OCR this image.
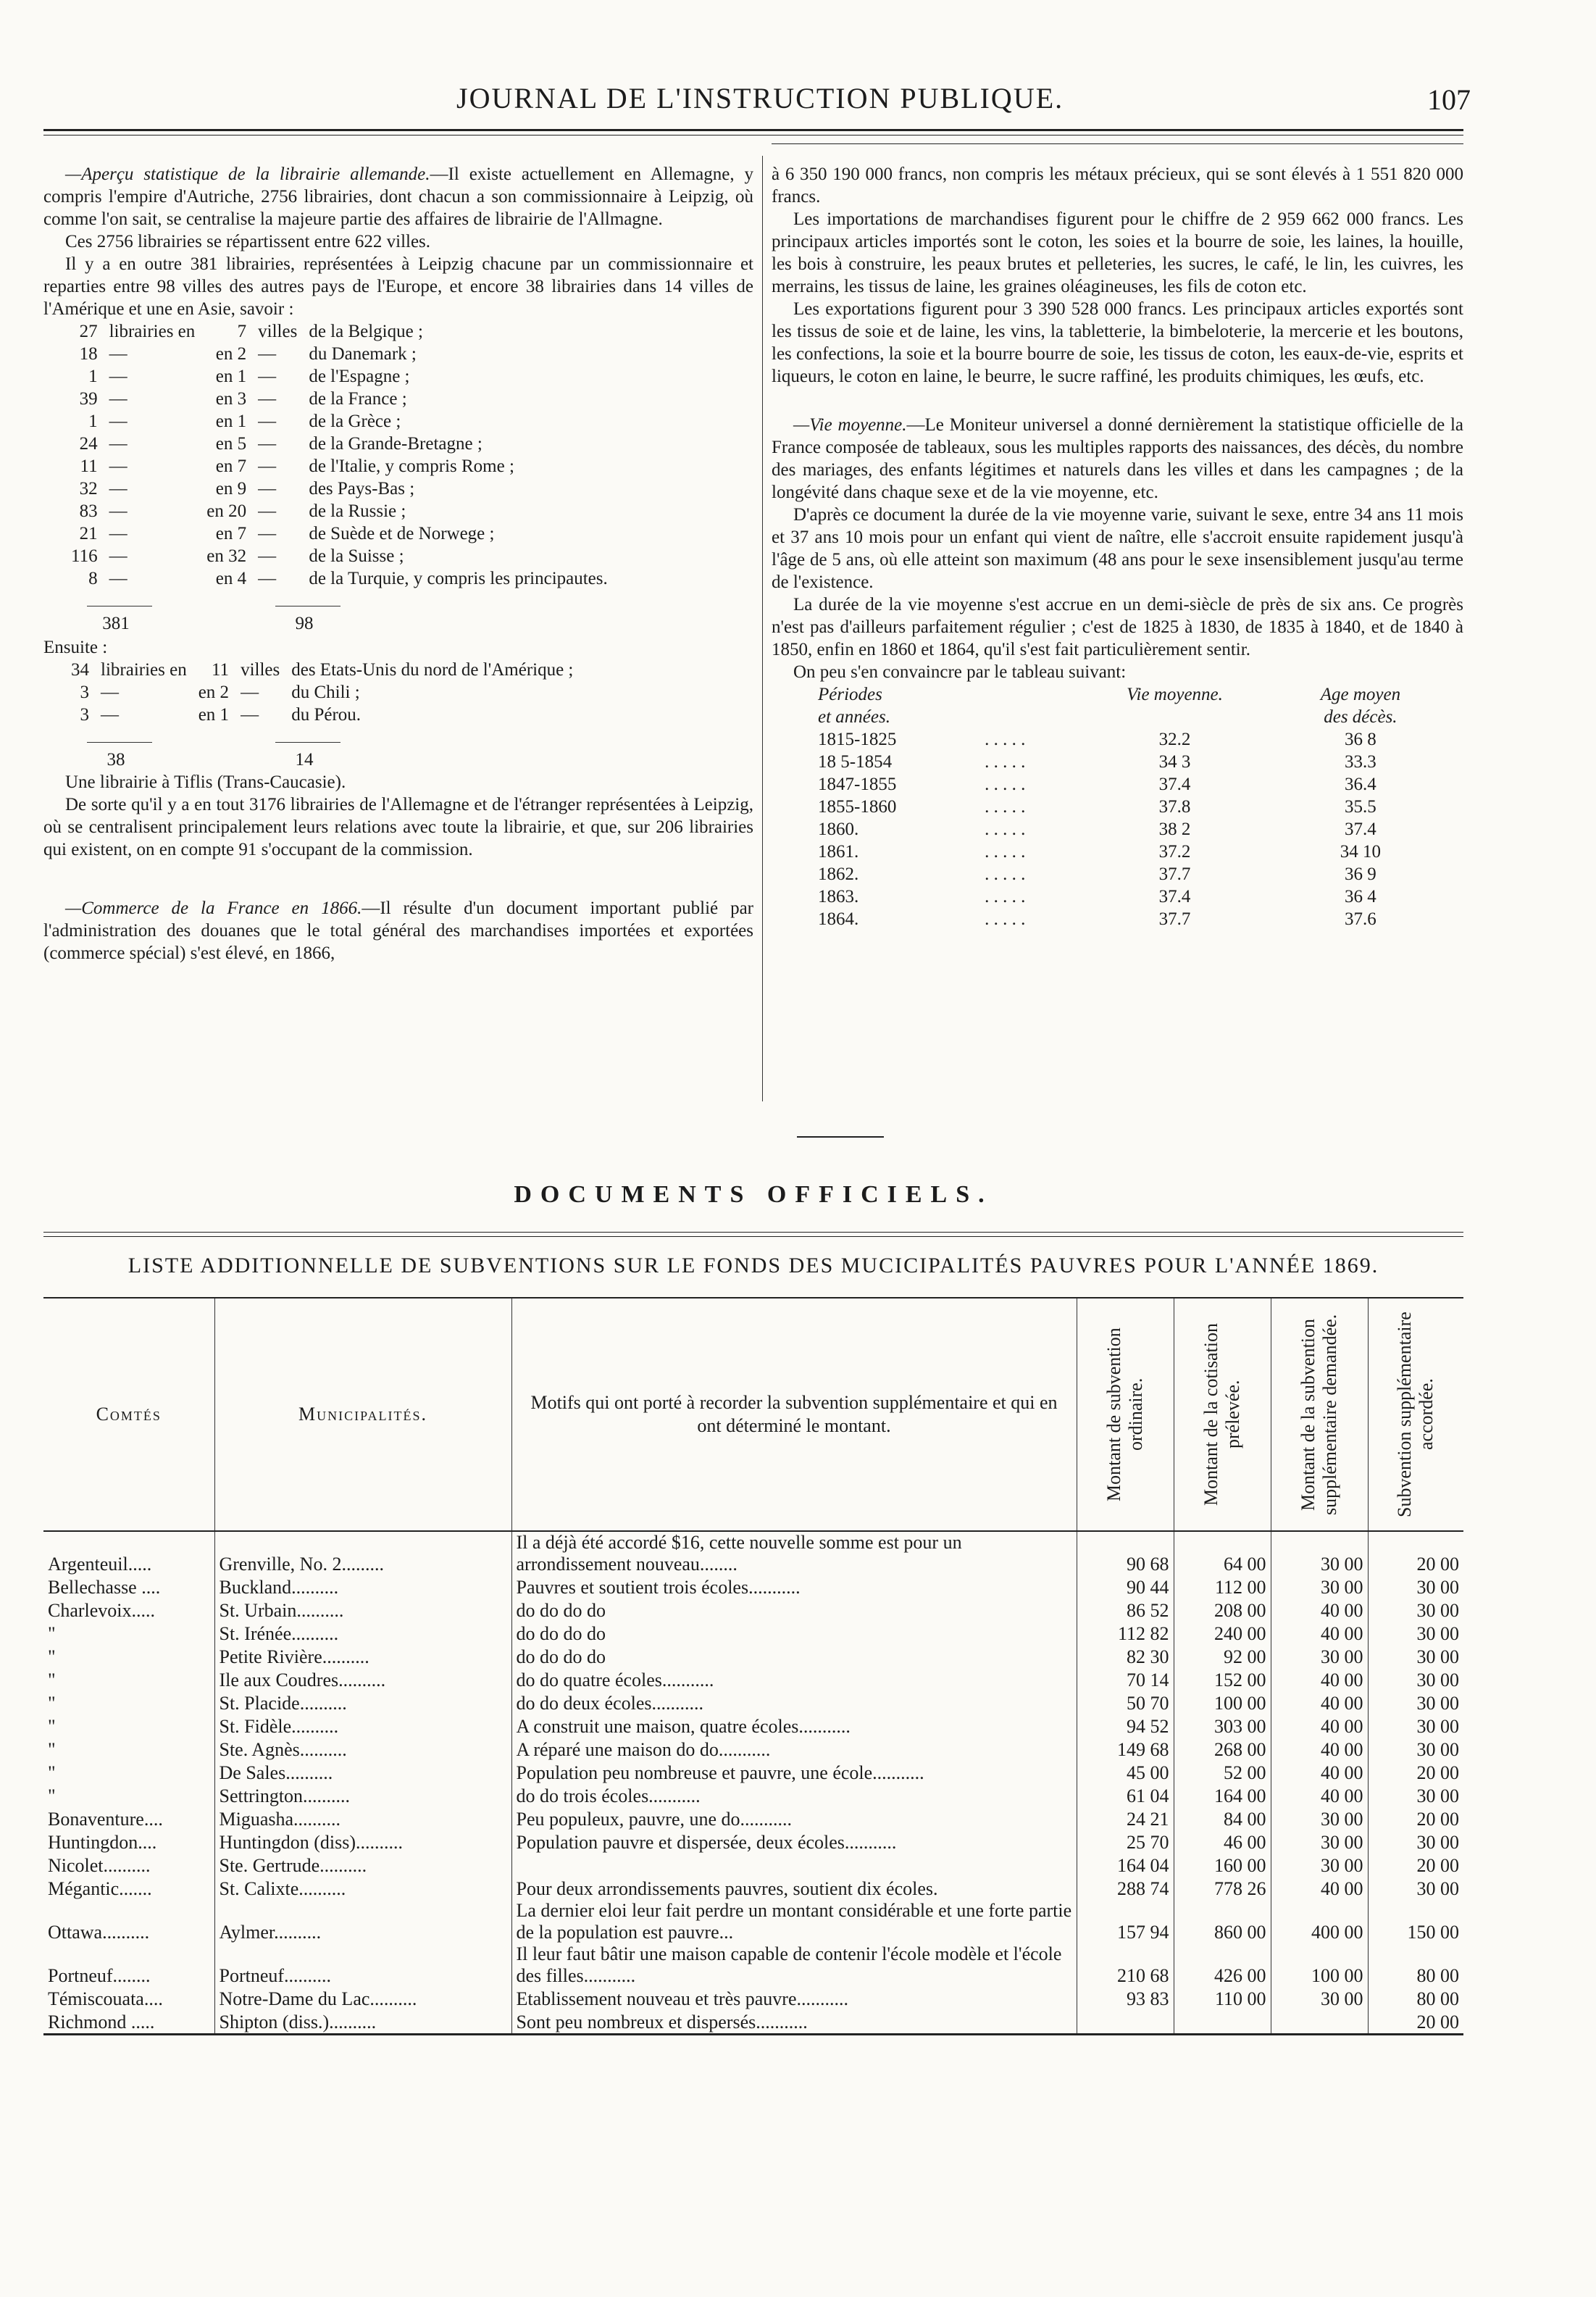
JOURNAL DE L'INSTRUCTION PUBLIQUE.	107

—Aperçu statistique de la librairie allemande.—Il existe actuellement en Allemagne, y compris l'empire d'Autriche, 2756 librairies, dont chacun a son commissionnaire à Leipzig, où comme l'on sait, se centralise la majeure partie des affaires de librairie de l'Allmagne.

Ces 2756 librairies se répartissent entre 622 villes.

Il y a en outre 381 librairies, représentées à Leipzig chacune par un commissionnaire et reparties entre 98 villes des autres pays de l'Europe, et encore 38 librairies dans 14 villes de l'Amérique et une en Asie, savoir :

27	librairies en	7	villes	de la Belgique ;
18	—	en 2	—	du Danemark ;
1	—	en 1	—	de l'Espagne ;
39	—	en 3	—	de la France ;
1	—	en 1	—	de la Grèce ;
24	—	en 5	—	de la Grande-Bretagne ;
11	—	en 7	—	de l'Italie, y compris Rome ;
32	—	en 9	—	des Pays-Bas ;
83	—	en 20	—	de la Russie ;
21	—	en 7	—	de Suède et de Norwege ;
116	—	en 32	—	de la Suisse ;
8	—	en 4	—	de la Turquie, y compris les principautes.

381	98
Ensuite :
34	librairies en	11	villes	des Etats-Unis du nord de l'Amérique ;
3	—	en 2	—	du Chili ;
3	—	en 1	—	du Pérou.

38	14
Une librairie à Tiflis (Trans-Caucasie).

De sorte qu'il y a en tout 3176 librairies de l'Allemagne et de l'étranger représentées à Leipzig, où se centralisent principalement leurs relations avec toute la librairie, et que, sur 206 librairies qui existent, on en compte 91 s'occupant de la commission.

—Commerce de la France en 1866.—Il résulte d'un document important publié par l'administration des douanes que le total général des marchandises importées et exportées (commerce spécial) s'est élevé, en 1866,

à 6 350 190 000 francs, non compris les métaux précieux, qui se sont élevés à 1 551 820 000 francs.

Les importations de marchandises figurent pour le chiffre de 2 959 662 000 francs. Les principaux articles importés sont le coton, les soies et la bourre de soie, les laines, la houille, les bois à construire, les peaux brutes et pelleteries, les sucres, le café, le lin, les cuivres, les merrains, les tissus de laine, les graines oléagineuses, les fils de coton etc.

Les exportations figurent pour 3 390 528 000 francs. Les principaux articles exportés sont les tissus de soie et de laine, les vins, la tabletterie, la bimbeloterie, la mercerie et les boutons, les confections, la soie et la bourre bourre de soie, les tissus de coton, les eaux-de-vie, esprits et liqueurs, le coton en laine, le beurre, le sucre raffiné, les produits chimiques, les œufs, etc.

—Vie moyenne.—Le Moniteur universel a donné dernièrement la statistique officielle de la France composée de tableaux, sous les multiples rapports des naissances, des décès, du nombre des mariages, des enfants légitimes et naturels dans les villes et dans les campagnes ; de la longévité dans chaque sexe et de la vie moyenne, etc.

D'après ce document la durée de la vie moyenne varie, suivant le sexe, entre 34 ans 11 mois et 37 ans 10 mois pour un enfant qui vient de naître, elle s'accroit ensuite rapidement jusqu'à l'âge de 5 ans, où elle atteint son maximum (48 ans pour le sexe insensiblement jusqu'au terme de l'existence.

La durée de la vie moyenne s'est accrue en un demi-siècle de près de six ans. Ce progrès n'est pas d'ailleurs parfaitement régulier ; c'est de 1825 à 1830, de 1835 à 1840, et de 1840 à 1850, enfin en 1860 et 1864, qu'il s'est fait particulièrement sentir.

On peu s'en convaincre par le tableau suivant:

Périodes		Vie moyenne.	Age moyen
et années.			des décès.
1815-1825	. . . . .	32.2	36 8
18 5-1854	. . . . .	34 3	33.3
1847-1855	. . . . .	37.4	36.4
1855-1860	. . . . .	37.8	35.5
1860.	. . . . .	38 2	37.4
1861.	. . . . .	37.2	34 10
1862.	. . . . .	37.7	36 9
1863.	. . . . .	37.4	36 4
1864.	. . . . .	37.7	37.6
DOCUMENTS OFFICIELS.
LISTE ADDITIONNELLE DE SUBVENTIONS SUR LE FONDS DES MUCICIPALITÉS PAUVRES POUR L'ANNÉE 1869.
Comtés	Municipalités.	Motifs qui ont porté à recorder la subvention supplémentaire et qui en ont déterminé le montant.	Montant de subvention ordinaire.	Montant de la cotisation prélevée.	Montant de la subvention supplémentaire demandée.	Subvention supplémentaire accordée.

Argenteuil.....	Grenville, No. 2.........	Il a déjà été accordé $16, cette nouvelle somme est pour un arrondissement nouveau........	90 68	64 00	30 00	20 00
Bellechasse ....	Buckland..........	Pauvres et soutient trois écoles...........	90 44	112 00	30 00	30 00
Charlevoix.....	St. Urbain..........	do do do do	86 52	208 00	40 00	30 00
"	St. Irénée..........	do do do do	112 82	240 00	40 00	30 00
"	Petite Rivière..........	do do do do	82 30	92 00	30 00	30 00
"	Ile aux Coudres..........	do do quatre écoles...........	70 14	152 00	40 00	30 00
"	St. Placide..........	do do deux écoles...........	50 70	100 00	40 00	30 00
"	St. Fidèle..........	A construit une maison, quatre écoles...........	94 52	303 00	40 00	30 00
"	Ste. Agnès..........	A réparé une maison do do...........	149 68	268 00	40 00	30 00
"	De Sales..........	Population peu nombreuse et pauvre, une école...........	45 00	52 00	40 00	20 00
"	Settrington..........	do do trois écoles...........	61 04	164 00	40 00	30 00
Bonaventure....	Miguasha..........	Peu populeux, pauvre, une do...........	24 21	84 00	30 00	20 00
Huntingdon....	Huntingdon (diss)..........	Population pauvre et dispersée, deux écoles...........	25 70	46 00	30 00	30 00
Nicolet..........	Ste. Gertrude..........		164 04	160 00	30 00	20 00
Mégantic.......	St. Calixte..........	Pour deux arrondissements pauvres, soutient dix écoles.	288 74	778 26	40 00	30 00
Ottawa..........	Aylmer..........	La dernier eloi leur fait perdre un montant considérable et une forte partie de la population est pauvre...	157 94	860 00	400 00	150 00
Portneuf........	Portneuf..........	Il leur faut bâtir une maison capable de contenir l'école modèle et l'école des filles...........	210 68	426 00	100 00	80 00
Témiscouata....	Notre-Dame du Lac..........	Etablissement nouveau et très pauvre...........	93 83	110 00	30 00	80 00
Richmond .....	Shipton (diss.)..........	Sont peu nombreux et dispersés...........				20 00
